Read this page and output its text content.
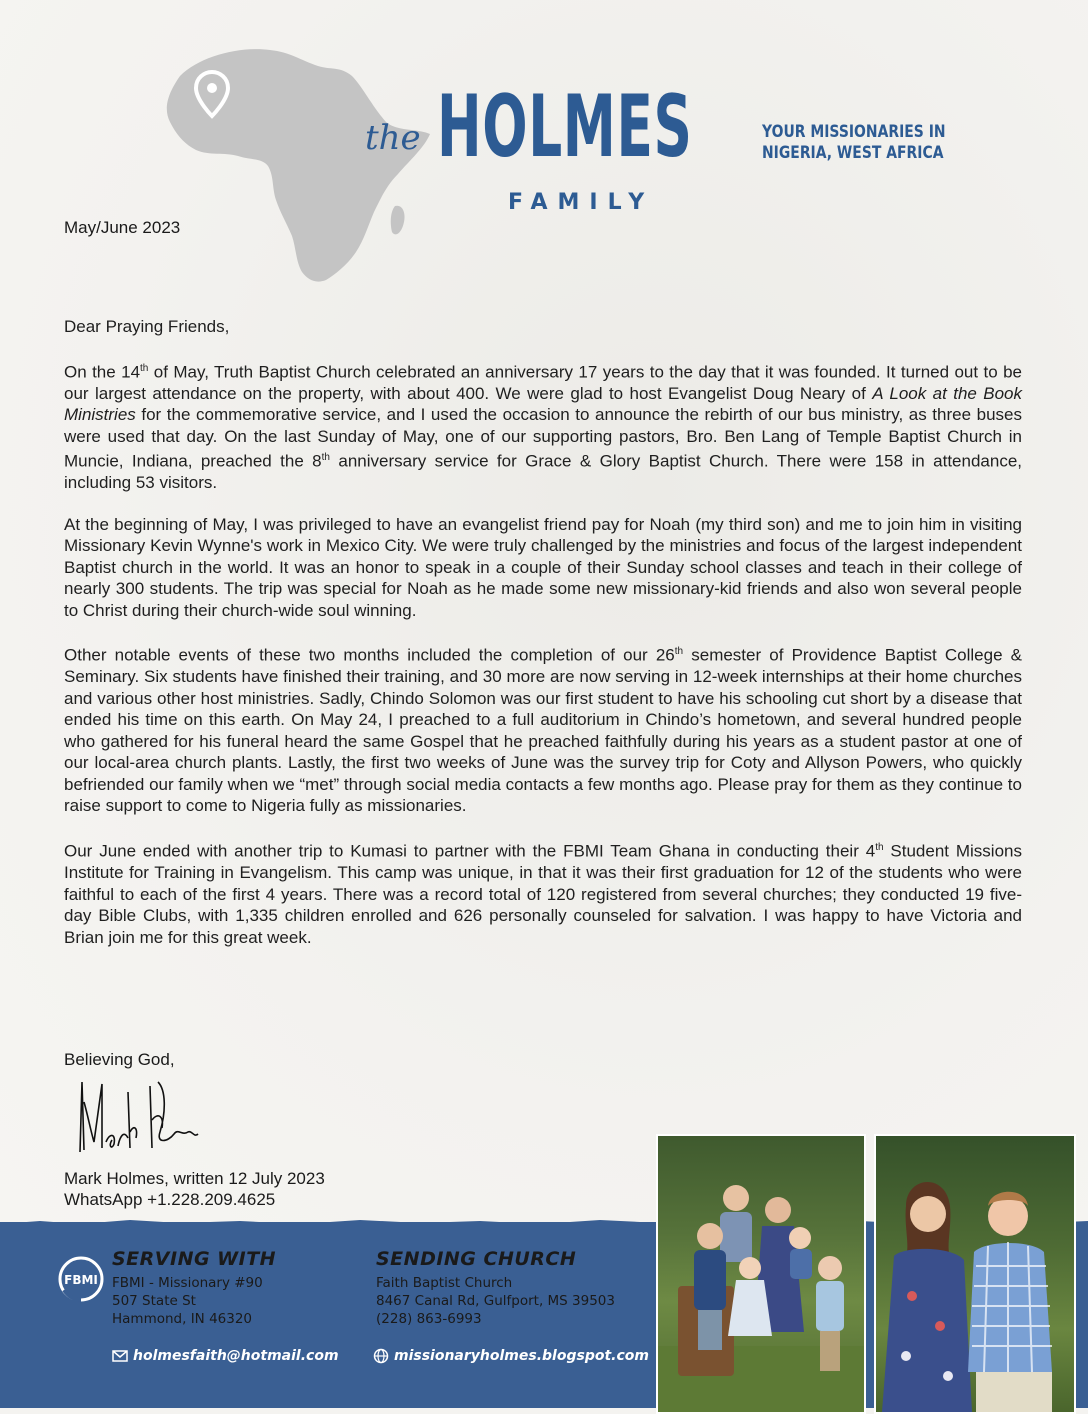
the HOLMES
FAMILY
YOUR MISSIONARIES IN
NIGERIA, WEST AFRICA
May/June 2023

Dear Praying Friends,

On the 14th of May, Truth Baptist Church celebrated an anniversary 17 years to the day that it was founded. It turned out to be our largest attendance on the property, with about 400. We were glad to host Evangelist Doug Neary of A Look at the Book Ministries for the commemorative service, and I used the occasion to announce the rebirth of our bus ministry, as three buses were used that day. On the last Sunday of May, one of our supporting pastors, Bro. Ben Lang of Temple Baptist Church in Muncie, Indiana, preached the 8th anniversary service for Grace & Glory Baptist Church. There were 158 in attendance, including 53 visitors.

At the beginning of May, I was privileged to have an evangelist friend pay for Noah (my third son) and me to join him in visiting Missionary Kevin Wynne's work in Mexico City. We were truly challenged by the ministries and focus of the largest independent Baptist church in the world. It was an honor to speak in a couple of their Sunday school classes and teach in their college of nearly 300 students. The trip was special for Noah as he made some new missionary-kid friends and also won several people to Christ during their church-wide soul winning.

Other notable events of these two months included the completion of our 26th semester of Providence Baptist College & Seminary. Six students have finished their training, and 30 more are now serving in 12-week internships at their home churches and various other host ministries. Sadly, Chindo Solomon was our first student to have his schooling cut short by a disease that ended his time on this earth. On May 24, I preached to a full auditorium in Chindo’s hometown, and several hundred people who gathered for his funeral heard the same Gospel that he preached faithfully during his years as a student pastor at one of our local-area church plants. Lastly, the first two weeks of June was the survey trip for Coty and Allyson Powers, who quickly befriended our family when we “met” through social media contacts a few months ago. Please pray for them as they continue to raise support to come to Nigeria fully as missionaries.

Our June ended with another trip to Kumasi to partner with the FBMI Team Ghana in conducting their 4th Student Missions Institute for Training in Evangelism. This camp was unique, in that it was their first graduation for 12 of the students who were faithful to each of the first 4 years. There was a record total of 120 registered from several churches; they conducted 19 five-day Bible Clubs, with 1,335 children enrolled and 626 personally counseled for salvation. I was happy to have Victoria and Brian join me for this great week.

Believing God,
Mark Holmes, written 12 July 2023
WhatsApp +1.228.209.4625
FBMI
SERVING WITH
FBMI - Missionary #90
507 State St
Hammond, IN 46320
SENDING CHURCH
Faith Baptist Church
8467 Canal Rd, Gulfport, MS 39503
(228) 863-6993
holmesfaith@hotmail.com	missionaryholmes.blogspot.com
